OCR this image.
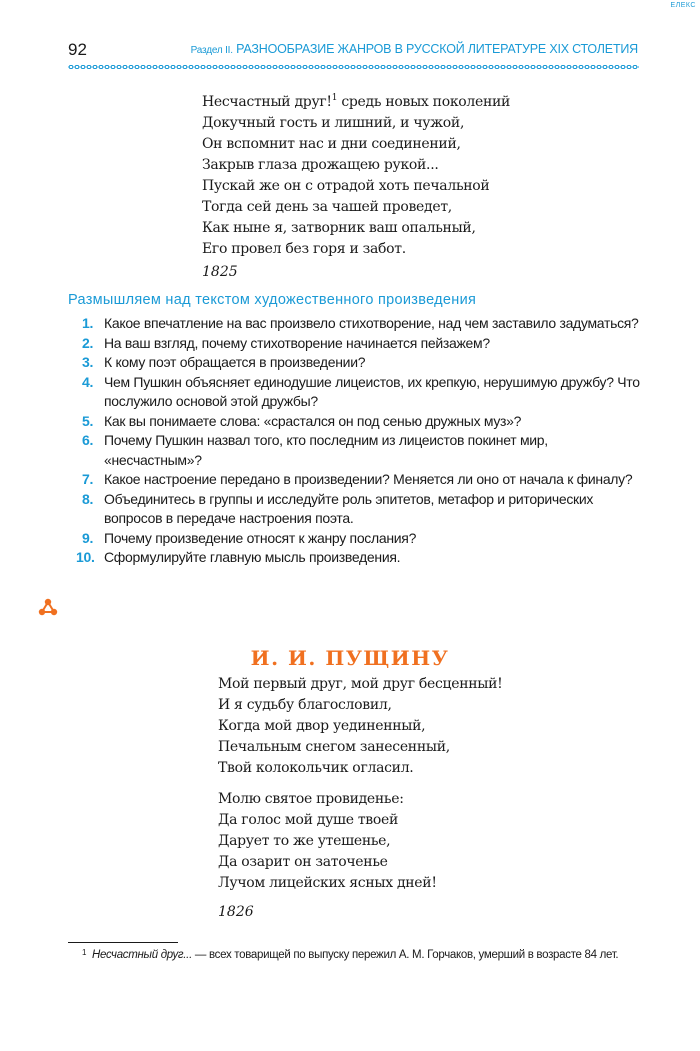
ЕЛЕКС
92	Раздел II. РАЗНООБРАЗИЕ ЖАНРОВ В РУССКОЙ ЛИТЕРАТУРЕ XIX СТОЛЕТИЯ
Несчастный друг!$^1$ средь новых поколений
Докучный гость и лишний, и чужой,
Он вспомнит нас и дни соединений,
Закрыв глаза дрожащею рукой...
Пускай же он с отрадой хоть печальной
Тогда сей день за чашей проведет,
Как ныне я, затворник ваш опальный,
Его провел без горя и забот.
1825
Размышляем над текстом художественного произведения
1. Какое впечатление на вас произвело стихотворение, над чем заставило задуматься?
2. На ваш взгляд, почему стихотворение начинается пейзажем?
3. К кому поэт обращается в произведении?
4. Чем Пушкин объясняет единодушие лицеистов, их крепкую, нерушимую дружбу? Что послужило основой этой дружбы?
5. Как вы понимаете слова: «срастался он под сенью дружных муз»?
6. Почему Пушкин назвал того, кто последним из лицеистов покинет мир, «несчастным»?
7. Какое настроение передано в произведении? Меняется ли оно от начала к финалу?
8. Объединитесь в группы и исследуйте роль эпитетов, метафор и риторических вопросов в передаче настроения поэта.
9. Почему произведение относят к жанру послания?
10. Сформулируйте главную мысль произведения.
И. И. ПУЩИНУ
Мой первый друг, мой друг бесценный!
И я судьбу благословил,
Когда мой двор уединенный,
Печальным снегом занесенный,
Твой колокольчик огласил.
Молю святое провиденье:
Да голос мой душе твоей
Дарует то же утешенье,
Да озарит он заточенье
Лучом лицейских ясных дней!
1826
1 Несчастный друг... — всех товарищей по выпуску пережил А. М. Горчаков, умерший в возрасте 84 лет.
